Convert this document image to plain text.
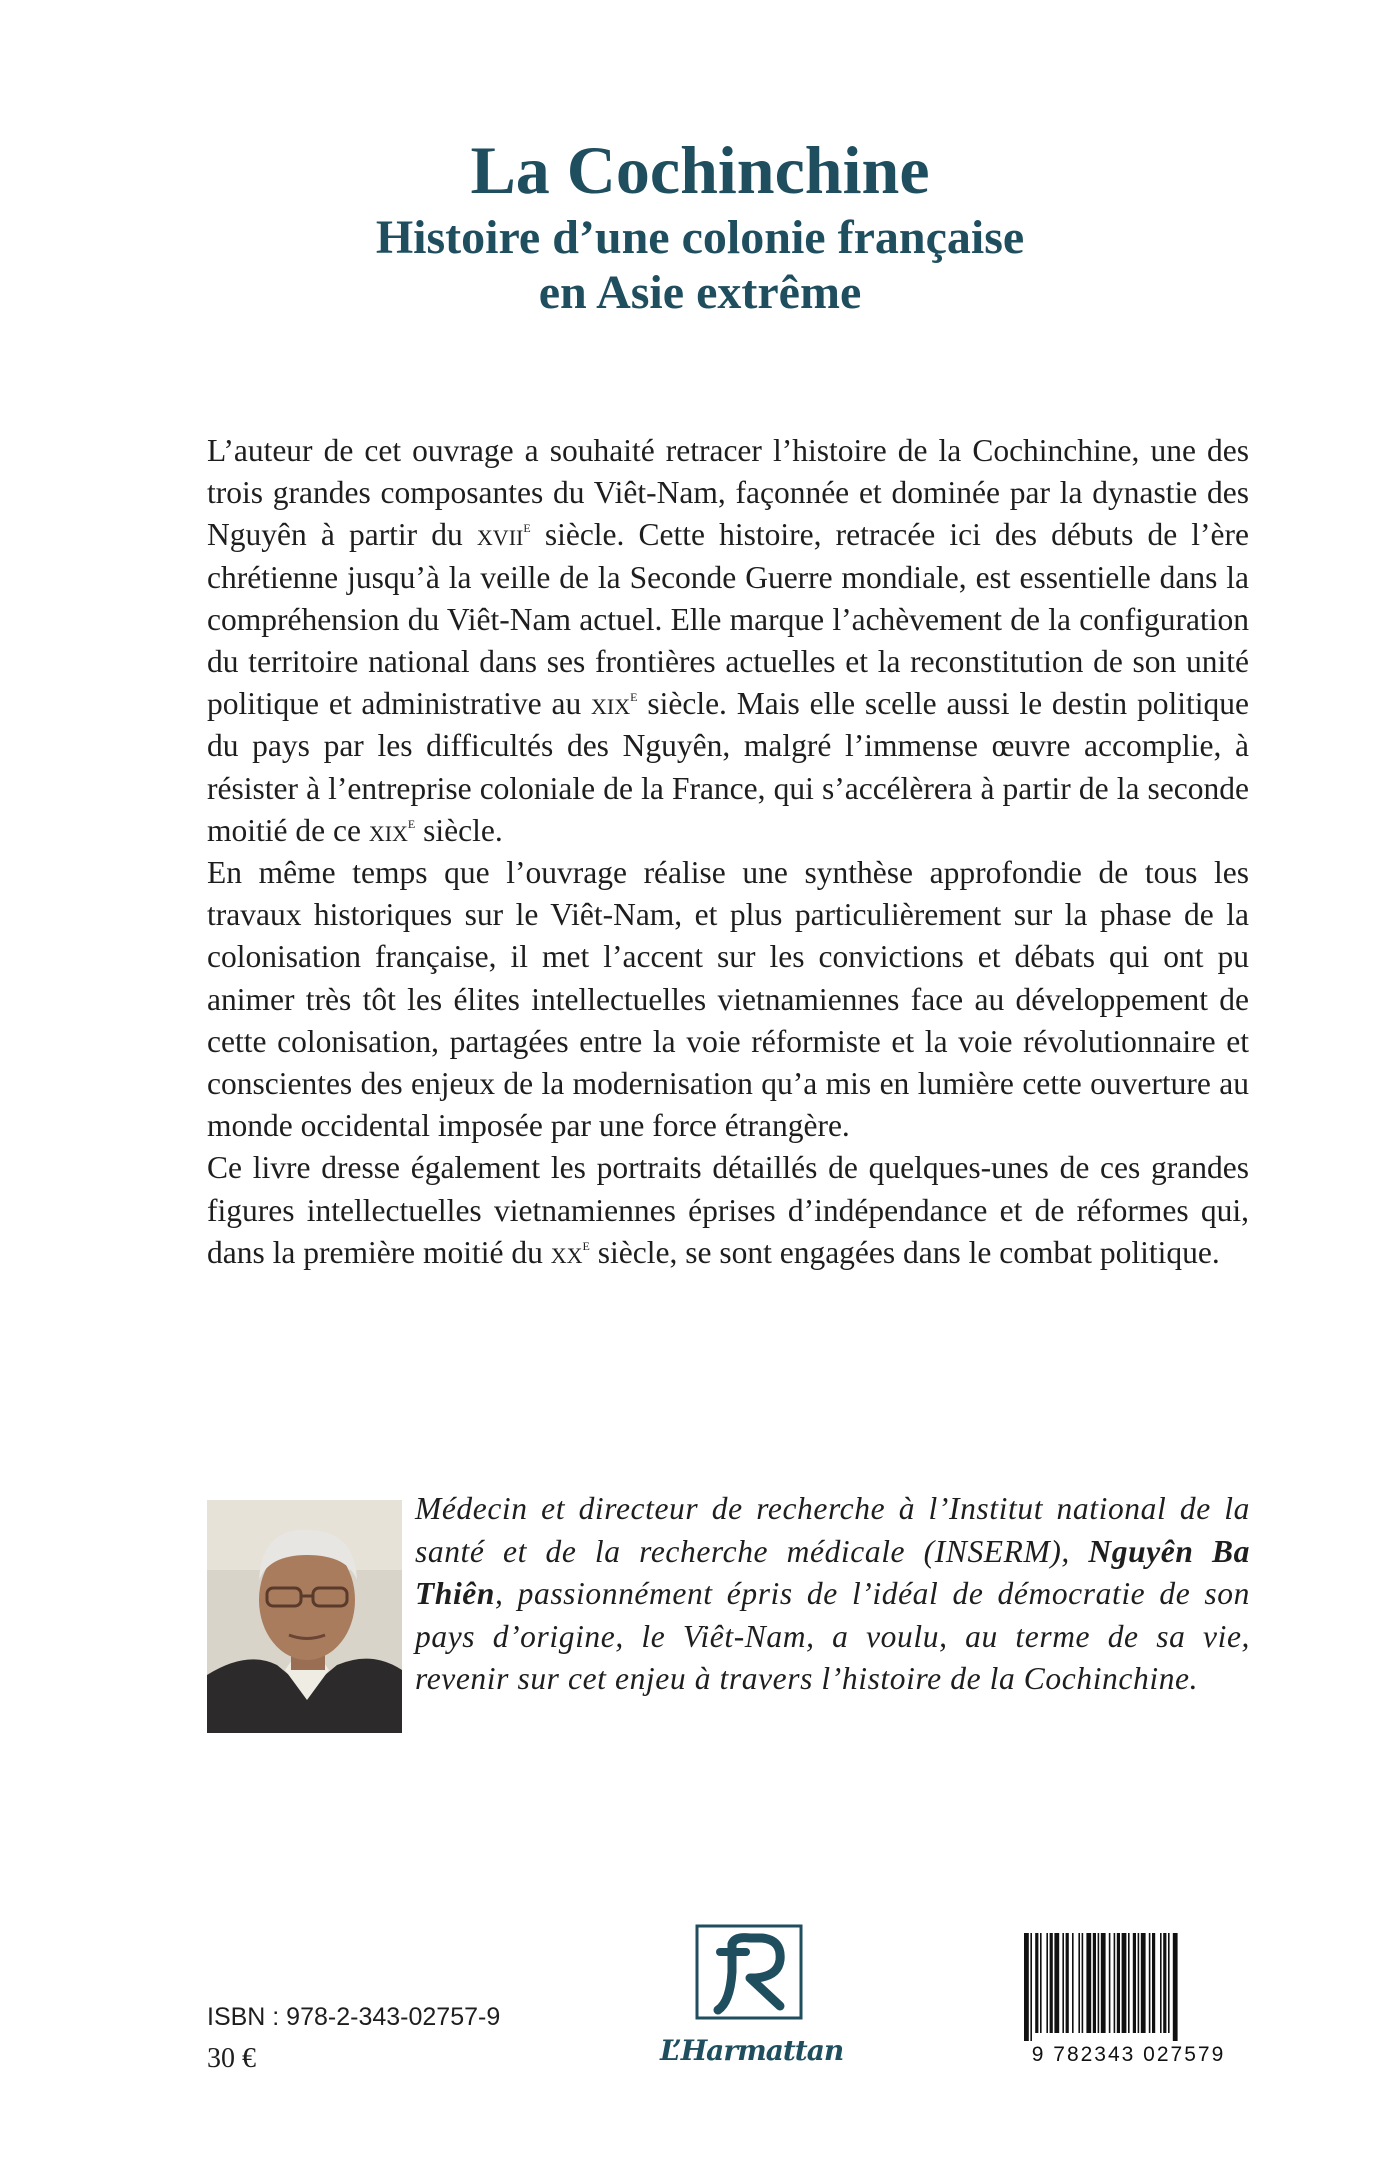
La Cochinchine
Histoire d’une colonie française
en Asie extrême

L’auteur de cet ouvrage a souhaité retracer l’histoire de la Cochinchine, une des trois grandes composantes du Viêt-Nam, façonnée et dominée par la dynastie des Nguyên à partir du xvii$^e$ siècle. Cette histoire, retracée ici des débuts de l’ère chrétienne jusqu’à la veille de la Seconde Guerre mondiale, est essentielle dans la compréhension du Viêt-Nam actuel. Elle marque l’achèvement de la configuration du territoire national dans ses frontières actuelles et la reconstitution de son unité politique et administrative au xix$^e$ siècle. Mais elle scelle aussi le destin politique du pays par les difficultés des Nguyên, malgré l’immense œuvre accomplie, à résister à l’entreprise coloniale de la France, qui s’accélèrera à partir de la seconde moitié de ce xix$^e$ siècle.

En même temps que l’ouvrage réalise une synthèse approfondie de tous les travaux historiques sur le Viêt-Nam, et plus particulièrement sur la phase de la colonisation française, il met l’accent sur les convictions et débats qui ont pu animer très tôt les élites intellectuelles vietnamiennes face au développement de cette colonisation, partagées entre la voie réformiste et la voie révolutionnaire et conscientes des enjeux de la modernisation qu’a mis en lumière cette ouverture au monde occidental imposée par une force étrangère.

Ce livre dresse également les portraits détaillés de quelques-unes de ces grandes figures intellectuelles vietnamiennes éprises d’indépendance et de réformes qui, dans la première moitié du $xx^e$ siècle, se sont engagées dans le combat politique.

Médecin et directeur de recherche à l’Institut national de la santé et de la recherche médicale (INSERM), Nguyên Ba Thiên, passionnément épris de l’idéal de démocratie de son pays d’origine, le Viêt-Nam, a voulu, au terme de sa vie, revenir sur cet enjeu à travers l’histoire de la Cochinchine.

L’Harmattan
ISBN : 978-2-343-02757-9
30 €	9 782343 027579
